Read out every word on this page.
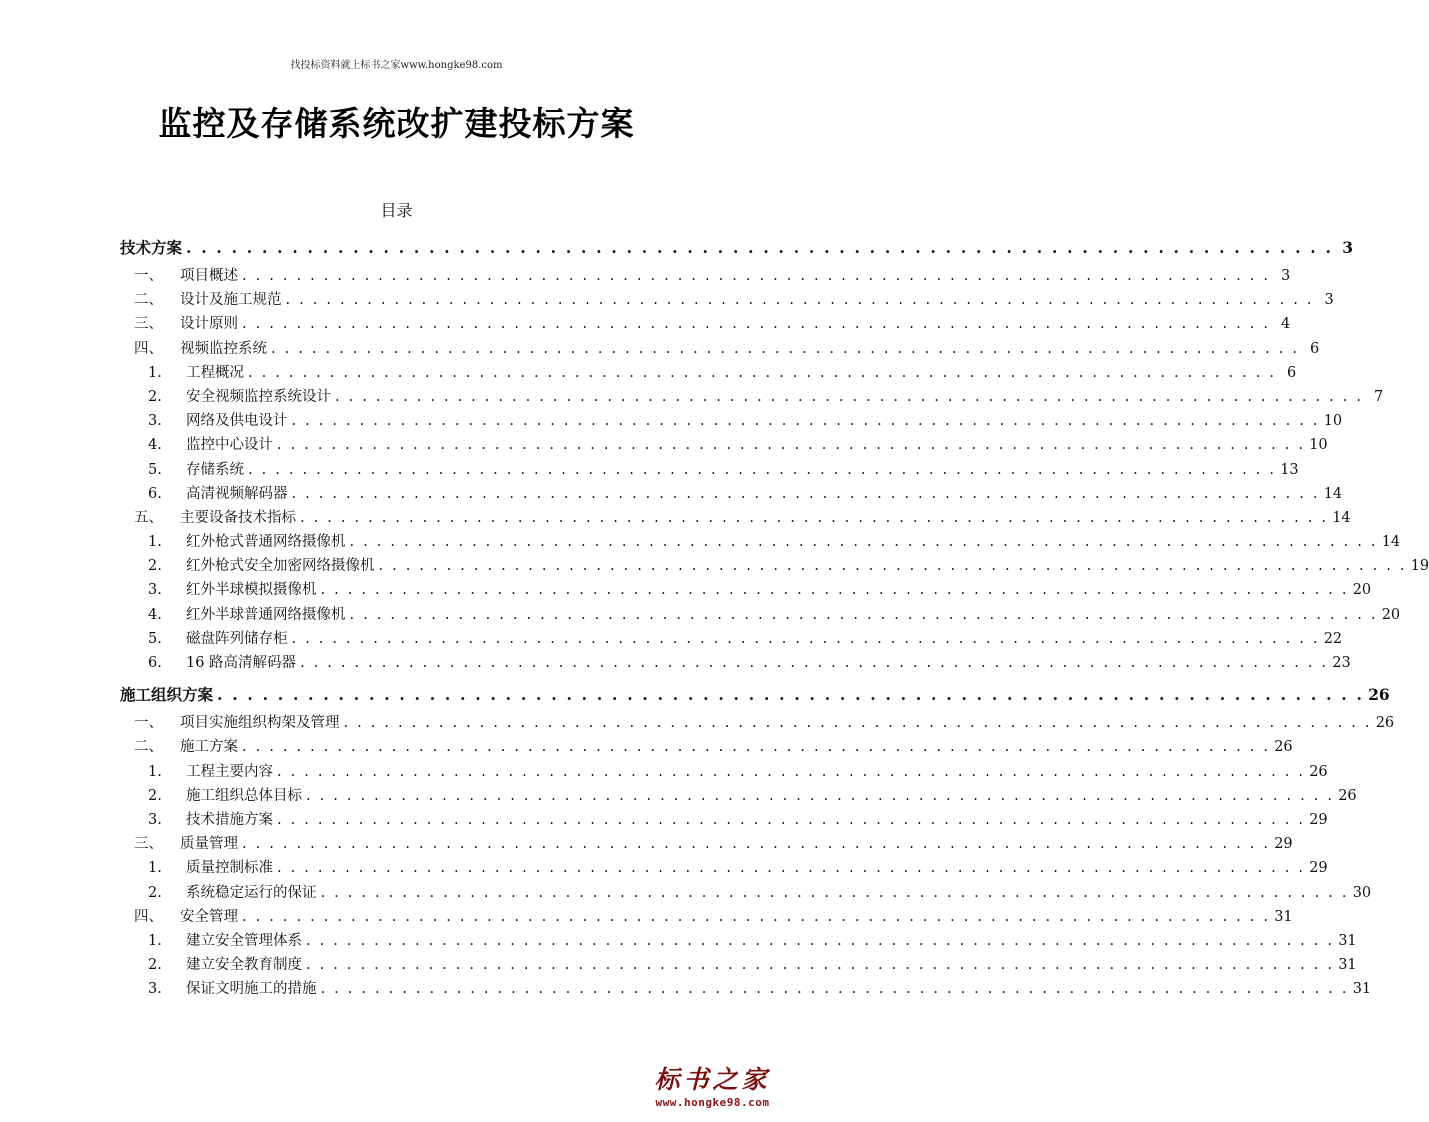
找投标资料就上标书之家www.hongke98.com
监控及存储系统改扩建投标方案
目录
技术方案 . . . . . . . . . . . . . . . . . . . . . . . . . . . . . . . . . . . . . . . . . . . . . . . . . . . . . . . . . . . . . . . . . . . . . . . . . . . . 3
一、 项目概述 . . . . . . . . . . . . . . . . . . . . . . . . . . . . . . . . . . . . . . . . . . . . . . . . . . . . . . . . . . . . . . . . . . . . . . . . . . . . 3
二、 设计及施工规范 . . . . . . . . . . . . . . . . . . . . . . . . . . . . . . . . . . . . . . . . . . . . . . . . . . . . . . . . . . . . . . . . . . . . . . . . . . . . 3
三、 设计原则 . . . . . . . . . . . . . . . . . . . . . . . . . . . . . . . . . . . . . . . . . . . . . . . . . . . . . . . . . . . . . . . . . . . . . . . . . . . . 4
四、 视频监控系统 . . . . . . . . . . . . . . . . . . . . . . . . . . . . . . . . . . . . . . . . . . . . . . . . . . . . . . . . . . . . . . . . . . . . . . . . . . . . 6
1. 工程概况 . . . . . . . . . . . . . . . . . . . . . . . . . . . . . . . . . . . . . . . . . . . . . . . . . . . . . . . . . . . . . . . . . . . . . . . . . . . . 6
2. 安全视频监控系统设计 . . . . . . . . . . . . . . . . . . . . . . . . . . . . . . . . . . . . . . . . . . . . . . . . . . . . . . . . . . . . . . . . . . . . . . . . . . . . 7
3. 网络及供电设计 . . . . . . . . . . . . . . . . . . . . . . . . . . . . . . . . . . . . . . . . . . . . . . . . . . . . . . . . . . . . . . . . . . . . . . . . . . . . 10
4. 监控中心设计 . . . . . . . . . . . . . . . . . . . . . . . . . . . . . . . . . . . . . . . . . . . . . . . . . . . . . . . . . . . . . . . . . . . . . . . . . . . . 10
5. 存储系统 . . . . . . . . . . . . . . . . . . . . . . . . . . . . . . . . . . . . . . . . . . . . . . . . . . . . . . . . . . . . . . . . . . . . . . . . . . . . 13
6. 高清视频解码器 . . . . . . . . . . . . . . . . . . . . . . . . . . . . . . . . . . . . . . . . . . . . . . . . . . . . . . . . . . . . . . . . . . . . . . . . . . . . 14
五、 主要设备技术指标 . . . . . . . . . . . . . . . . . . . . . . . . . . . . . . . . . . . . . . . . . . . . . . . . . . . . . . . . . . . . . . . . . . . . . . . . . . . . 14
1. 红外枪式普通网络摄像机 . . . . . . . . . . . . . . . . . . . . . . . . . . . . . . . . . . . . . . . . . . . . . . . . . . . . . . . . . . . . . . . . . . . . . . . . . . . . 14
2. 红外枪式安全加密网络摄像机 . . . . . . . . . . . . . . . . . . . . . . . . . . . . . . . . . . . . . . . . . . . . . . . . . . . . . . . . . . . . . . . . . . . . . . . . . . . . 19
3. 红外半球模拟摄像机 . . . . . . . . . . . . . . . . . . . . . . . . . . . . . . . . . . . . . . . . . . . . . . . . . . . . . . . . . . . . . . . . . . . . . . . . . . . . 20
4. 红外半球普通网络摄像机 . . . . . . . . . . . . . . . . . . . . . . . . . . . . . . . . . . . . . . . . . . . . . . . . . . . . . . . . . . . . . . . . . . . . . . . . . . . . 20
5. 磁盘阵列储存柜 . . . . . . . . . . . . . . . . . . . . . . . . . . . . . . . . . . . . . . . . . . . . . . . . . . . . . . . . . . . . . . . . . . . . . . . . . . . . 22
6. 16 路高清解码器 . . . . . . . . . . . . . . . . . . . . . . . . . . . . . . . . . . . . . . . . . . . . . . . . . . . . . . . . . . . . . . . . . . . . . . . . . . . . 23
施工组织方案 . . . . . . . . . . . . . . . . . . . . . . . . . . . . . . . . . . . . . . . . . . . . . . . . . . . . . . . . . . . . . . . . . . . . . . . . . . . . 26
一、 项目实施组织构架及管理 . . . . . . . . . . . . . . . . . . . . . . . . . . . . . . . . . . . . . . . . . . . . . . . . . . . . . . . . . . . . . . . . . . . . . . . . . . . . 26
二、 施工方案 . . . . . . . . . . . . . . . . . . . . . . . . . . . . . . . . . . . . . . . . . . . . . . . . . . . . . . . . . . . . . . . . . . . . . . . . . . . . 26
1. 工程主要内容 . . . . . . . . . . . . . . . . . . . . . . . . . . . . . . . . . . . . . . . . . . . . . . . . . . . . . . . . . . . . . . . . . . . . . . . . . . . . 26
2. 施工组织总体目标 . . . . . . . . . . . . . . . . . . . . . . . . . . . . . . . . . . . . . . . . . . . . . . . . . . . . . . . . . . . . . . . . . . . . . . . . . . . . 26
3. 技术措施方案 . . . . . . . . . . . . . . . . . . . . . . . . . . . . . . . . . . . . . . . . . . . . . . . . . . . . . . . . . . . . . . . . . . . . . . . . . . . . 29
三、 质量管理 . . . . . . . . . . . . . . . . . . . . . . . . . . . . . . . . . . . . . . . . . . . . . . . . . . . . . . . . . . . . . . . . . . . . . . . . . . . . 29
1. 质量控制标准 . . . . . . . . . . . . . . . . . . . . . . . . . . . . . . . . . . . . . . . . . . . . . . . . . . . . . . . . . . . . . . . . . . . . . . . . . . . . 29
2. 系统稳定运行的保证 . . . . . . . . . . . . . . . . . . . . . . . . . . . . . . . . . . . . . . . . . . . . . . . . . . . . . . . . . . . . . . . . . . . . . . . . . . . . 30
四、 安全管理 . . . . . . . . . . . . . . . . . . . . . . . . . . . . . . . . . . . . . . . . . . . . . . . . . . . . . . . . . . . . . . . . . . . . . . . . . . . . 31
1. 建立安全管理体系 . . . . . . . . . . . . . . . . . . . . . . . . . . . . . . . . . . . . . . . . . . . . . . . . . . . . . . . . . . . . . . . . . . . . . . . . . . . . 31
2. 建立安全教育制度 . . . . . . . . . . . . . . . . . . . . . . . . . . . . . . . . . . . . . . . . . . . . . . . . . . . . . . . . . . . . . . . . . . . . . . . . . . . . 31
3. 保证文明施工的措施 . . . . . . . . . . . . . . . . . . . . . . . . . . . . . . . . . . . . . . . . . . . . . . . . . . . . . . . . . . . . . . . . . . . . . . . . . . . . 31
标书之家
www.hongke98.com
